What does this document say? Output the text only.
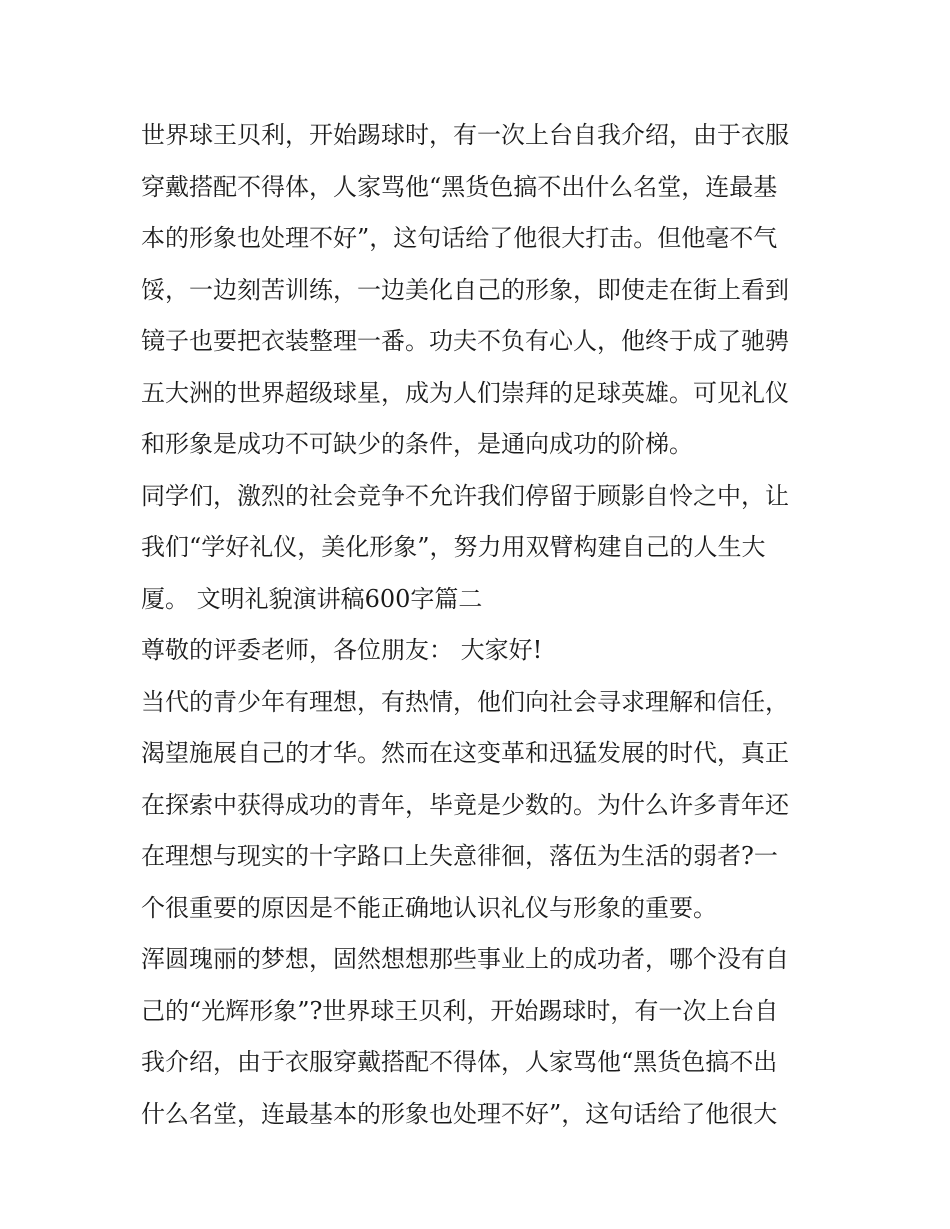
世界球王贝利，开始踢球时，有一次上台自我介绍，由于衣服
穿戴搭配不得体，人家骂他“黑货色搞不出什么名堂，连最基
本的形象也处理不好”，这句话给了他很大打击。但他毫不气
馁，一边刻苦训练，一边美化自己的形象，即使走在街上看到
镜子也要把衣装整理一番。功夫不负有心人，他终于成了驰骋
五大洲的世界超级球星，成为人们崇拜的足球英雄。可见礼仪
和形象是成功不可缺少的条件，是通向成功的阶梯。
同学们，激烈的社会竞争不允许我们停留于顾影自怜之中，让
我们“学好礼仪，美化形象”，努力用双臂构建自己的人生大
厦。 文明礼貌演讲稿600字篇二
尊敬的评委老师，各位朋友： 大家好!
当代的青少年有理想，有热情，他们向社会寻求理解和信任，
渴望施展自己的才华。然而在这变革和迅猛发展的时代，真正
在探索中获得成功的青年，毕竟是少数的。为什么许多青年还
在理想与现实的十字路口上失意徘徊，落伍为生活的弱者?一
个很重要的原因是不能正确地认识礼仪与形象的重要。
浑圆瑰丽的梦想，固然想想那些事业上的成功者，哪个没有自
己的“光辉形象”?世界球王贝利，开始踢球时，有一次上台自
我介绍，由于衣服穿戴搭配不得体，人家骂他“黑货色搞不出
什么名堂，连最基本的形象也处理不好”，这句话给了他很大
